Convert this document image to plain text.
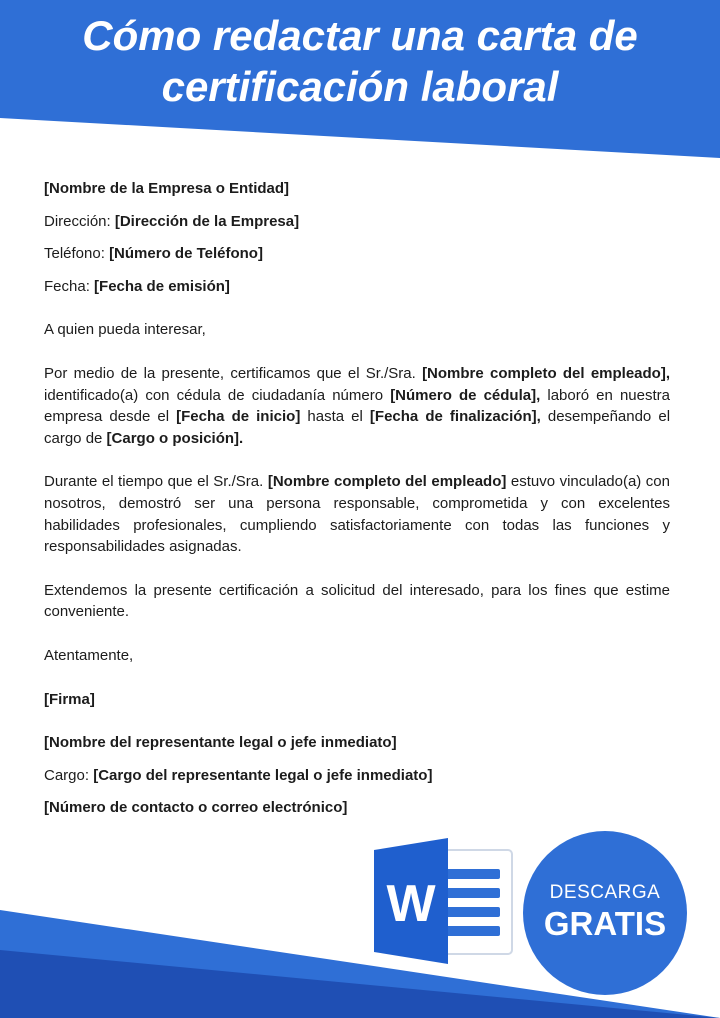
Cómo redactar una carta de
certificación laboral

[Nombre de la Empresa o Entidad]

Dirección: [Dirección de la Empresa]

Teléfono: [Número de Teléfono]

Fecha: [Fecha de emisión]

A quien pueda interesar,

Por medio de la presente, certificamos que el Sr./Sra. [Nombre completo del empleado], identificado(a) con cédula de ciudadanía número [Número de cédula], laboró en nuestra empresa desde el [Fecha de inicio] hasta el [Fecha de finalización], desempeñando el cargo de [Cargo o posición].

Durante el tiempo que el Sr./Sra. [Nombre completo del empleado] estuvo vinculado(a) con nosotros, demostró ser una persona responsable, comprometida y con excelentes habilidades profesionales, cumpliendo satisfactoriamente con todas las funciones y responsabilidades asignadas.

Extendemos la presente certificación a solicitud del interesado, para los fines que estime conveniente.

Atentamente,

[Firma]

[Nombre del representante legal o jefe inmediato]

Cargo: [Cargo del representante legal o jefe inmediato]

[Número de contacto o correo electrónico]

W	DESCARGA
GRATIS
